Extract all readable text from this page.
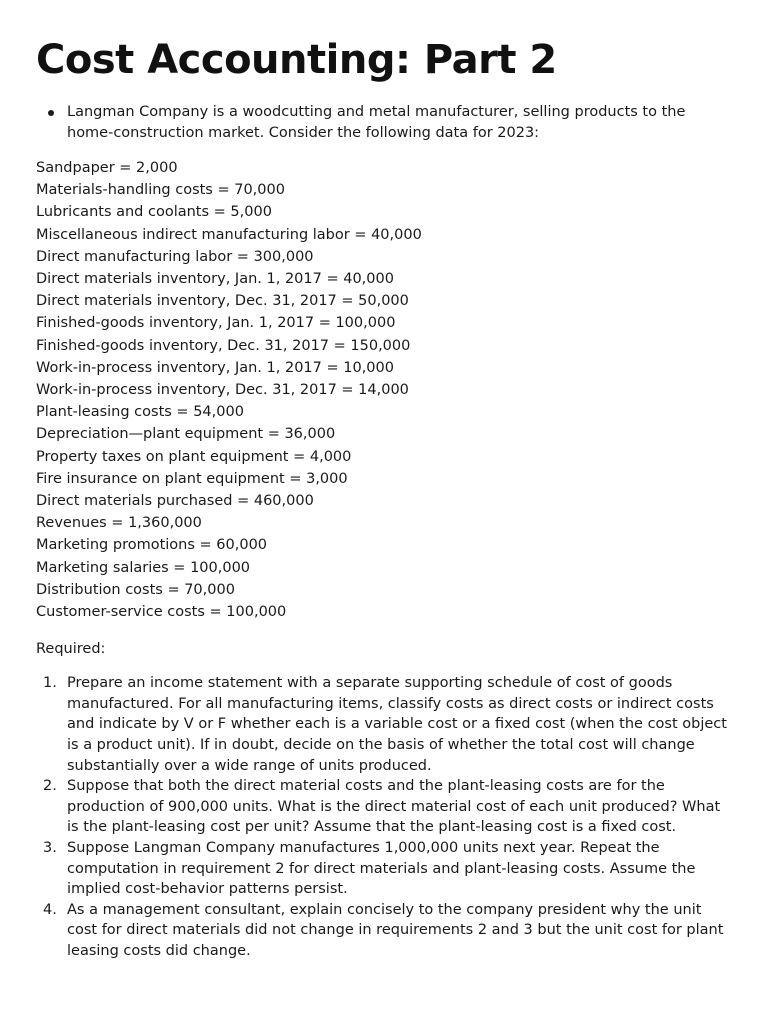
Cost Accounting: Part 2
Langman Company is a woodcutting and metal manufacturer, selling products to the home-construction market. Consider the following data for 2023:
Sandpaper = 2,000
Materials-handling costs = 70,000
Lubricants and coolants = 5,000
Miscellaneous indirect manufacturing labor = 40,000
Direct manufacturing labor = 300,000
Direct materials inventory, Jan. 1, 2017 = 40,000
Direct materials inventory, Dec. 31, 2017 = 50,000
Finished-goods inventory, Jan. 1, 2017 = 100,000
Finished-goods inventory, Dec. 31, 2017 = 150,000
Work-in-process inventory, Jan. 1, 2017 = 10,000
Work-in-process inventory, Dec. 31, 2017 = 14,000
Plant-leasing costs = 54,000
Depreciation—plant equipment = 36,000
Property taxes on plant equipment = 4,000
Fire insurance on plant equipment = 3,000
Direct materials purchased = 460,000
Revenues = 1,360,000
Marketing promotions = 60,000
Marketing salaries = 100,000
Distribution costs = 70,000
Customer-service costs = 100,000

Required:

1. Prepare an income statement with a separate supporting schedule of cost of goods manufactured. For all manufacturing items, classify costs as direct costs or indirect costs and indicate by V or F whether each is a variable cost or a fixed cost (when the cost object is a product unit). If in doubt, decide on the basis of whether the total cost will change substantially over a wide range of units produced.
2. Suppose that both the direct material costs and the plant-leasing costs are for the production of 900,000 units. What is the direct material cost of each unit produced? What is the plant-leasing cost per unit? Assume that the plant-leasing cost is a fixed cost.
3. Suppose Langman Company manufactures 1,000,000 units next year. Repeat the computation in requirement 2 for direct materials and plant-leasing costs. Assume the implied cost-behavior patterns persist.
4. As a management consultant, explain concisely to the company president why the unit cost for direct materials did not change in requirements 2 and 3 but the unit cost for plant leasing costs did change.
